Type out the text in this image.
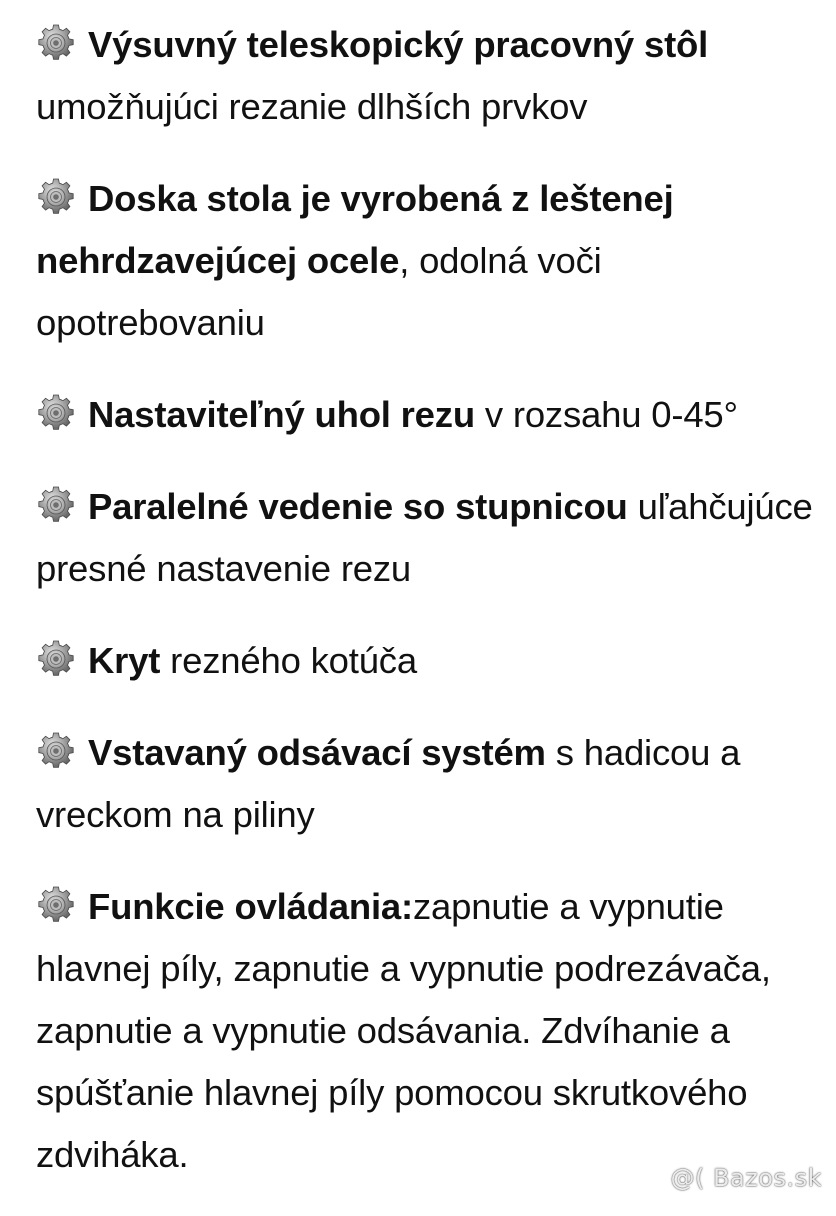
Výsuvný teleskopický pracovný stôl umožňujúci rezanie dlhších prvkov

Doska stola je vyrobená z leštenej nehrdzavejúcej ocele, odolná voči opotrebovaniu

Nastaviteľný uhol rezu v rozsahu 0-45°

Paralelné vedenie so stupnicou uľahčujúce presné nastavenie rezu

Kryt rezného kotúča

Vstavaný odsávací systém s hadicou a vreckom na piliny

Funkcie ovládania:zapnutie a vypnutie hlavnej píly, zapnutie a vypnutie podrezávača, zapnutie a vypnutie odsávania. Zdvíhanie a spúšťanie hlavnej píly pomocou skrutkového zdviháka.

@( Bazos.sk
